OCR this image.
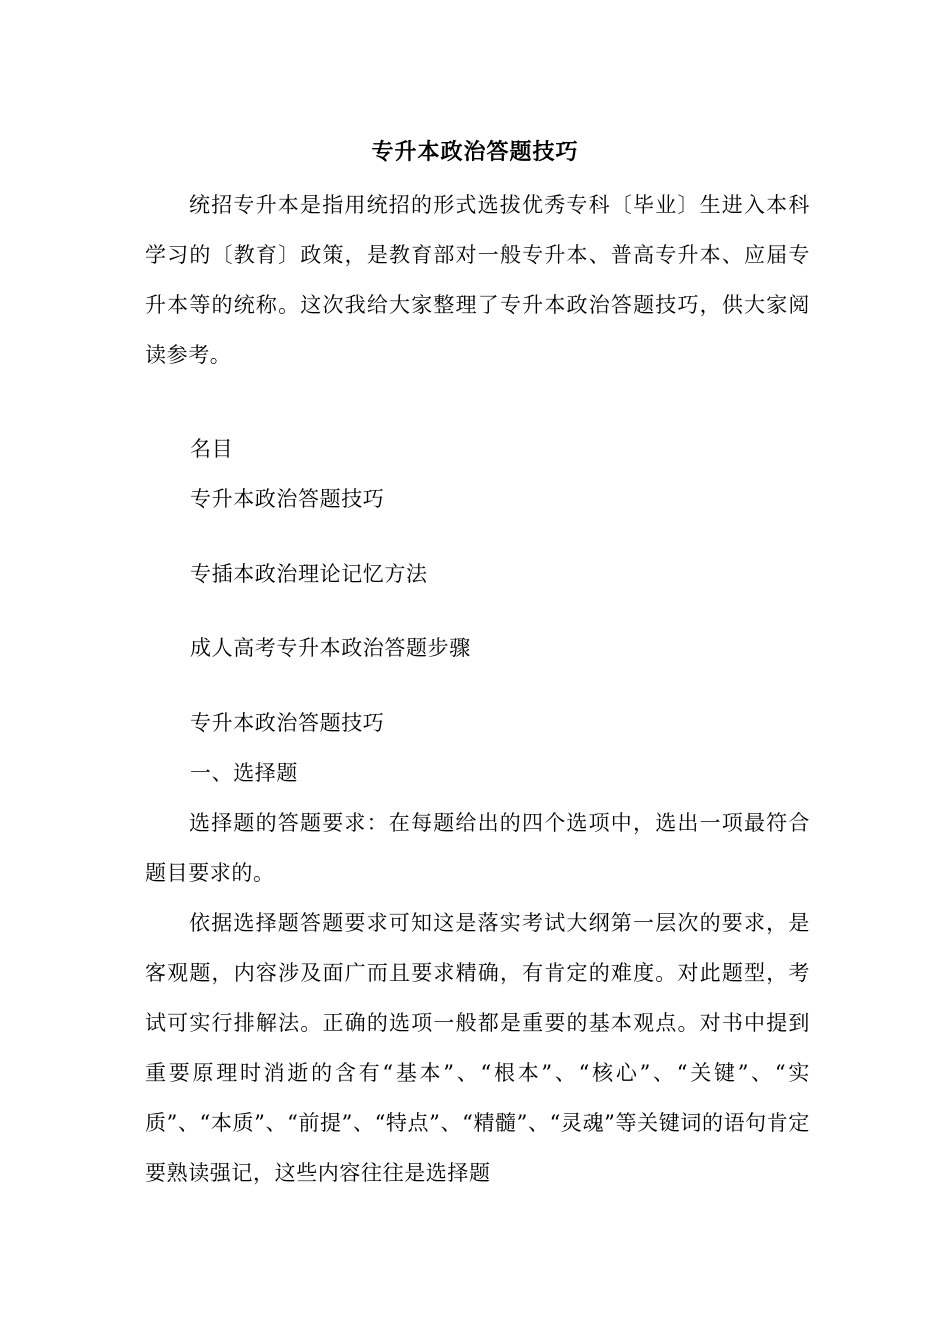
专升本政治答题技巧

统招专升本是指用统招的形式选拔优秀专科〔毕业〕生进入本科学习的〔教育〕政策，是教育部对一般专升本、普高专升本、应届专升本等的统称。这次我给大家整理了专升本政治答题技巧，供大家阅读参考。

名目
专升本政治答题技巧
专插本政治理论记忆方法
成人高考专升本政治答题步骤
专升本政治答题技巧
一、选择题

选择题的答题要求：在每题给出的四个选项中，选出一项最符合题目要求的。

依据选择题答题要求可知这是落实考试大纲第一层次的要求，是客观题，内容涉及面广而且要求精确，有肯定的难度。对此题型，考试可实行排解法。正确的选项一般都是重要的基本观点。对书中提到重要原理时消逝的含有“基本”、“根本”、“核心”、“关键”、“实质”、“本质”、“前提”、“特点”、“精髓”、“灵魂”等关键词的语句肯定要熟读强记，这些内容往往是选择题
